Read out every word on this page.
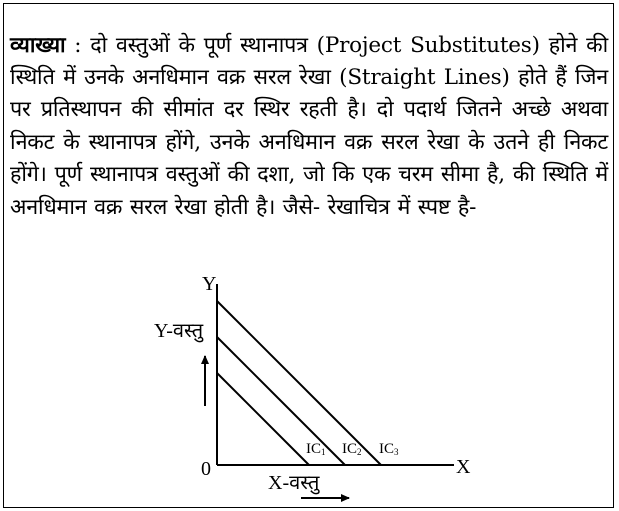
व्याख्या : दो वस्तुओं के पूर्ण स्थानापत्र (Project Substitutes) होने की स्थिति में उनके अनधिमान वक्र सरल रेखा (Straight Lines) होते हैं जिन पर प्रतिस्थापन की सीमांत दर स्थिर रहती है। दो पदार्थ जितने अच्छे अथवा निकट के स्थानापत्र होंगे, उनके अनधिमान वक्र सरल रेखा के उतने ही निकट होंगे। पूर्ण स्थानापत्र वस्तुओं की दशा, जो कि एक चरम सीमा है, की स्थिति में अनधिमान वक्र सरल रेखा होती है। जैसे- रेखाचित्र में स्पष्ट है-

Y
X
0
Y-वस्तु
X-वस्तु
$IC_1$ $IC_2$ $IC_3$
